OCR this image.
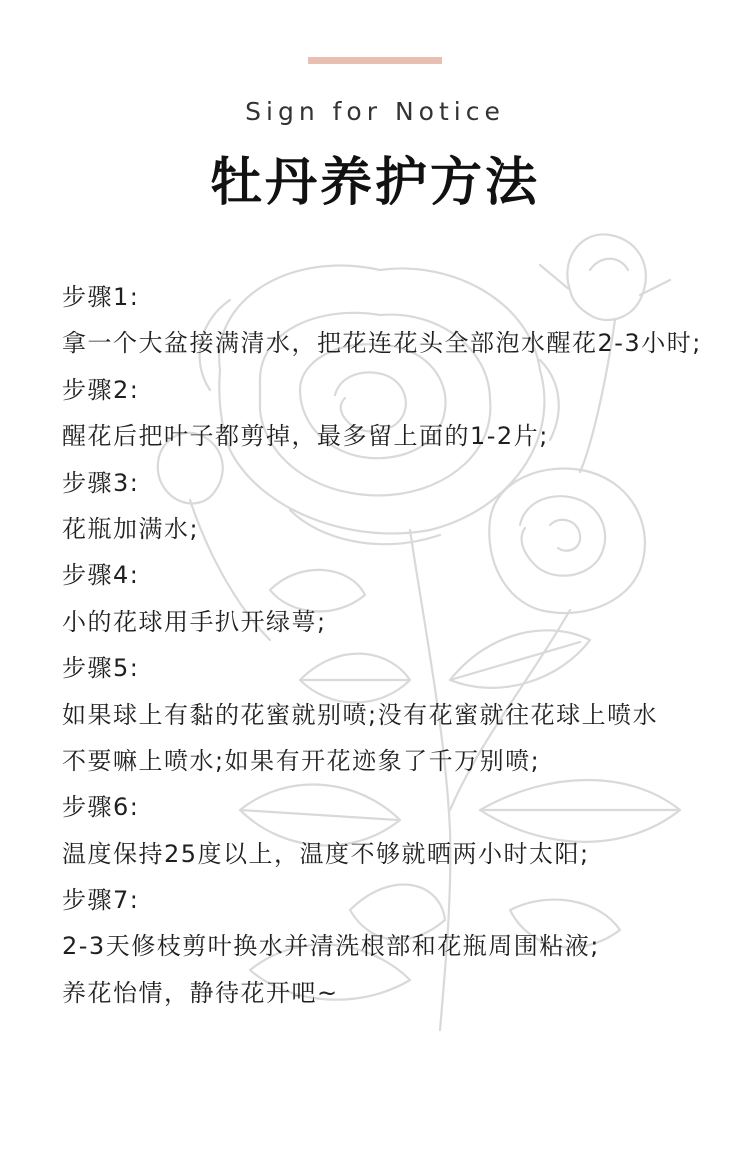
Sign for Notice
牡丹养护方法
步骤1:
拿一个大盆接满清水，把花连花头全部泡水醒花2-3小时;
步骤2:
醒花后把叶子都剪掉，最多留上面的1-2片;
步骤3:
花瓶加满水;
步骤4:
小的花球用手扒开绿萼;
步骤5:
如果球上有黏的花蜜就别喷;没有花蜜就往花球上喷水
不要嘛上喷水;如果有开花迹象了千万别喷;
步骤6:
温度保持25度以上，温度不够就晒两小时太阳;
步骤7:
2-3天修枝剪叶换水并清洗根部和花瓶周围粘液;
养花怡情，静待花开吧~
